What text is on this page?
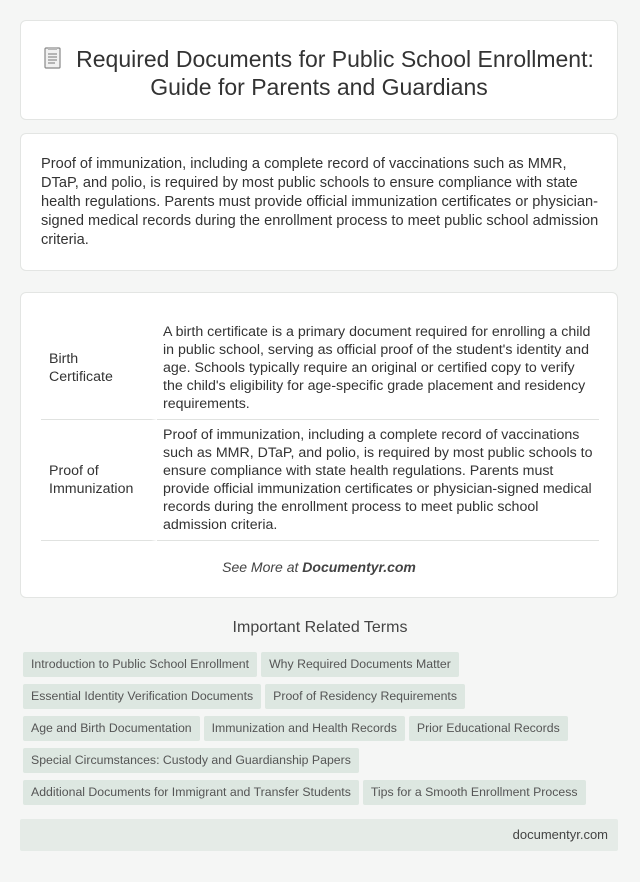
Required Documents for Public School Enrollment: Guide for Parents and Guardians

Proof of immunization, including a complete record of vaccinations such as MMR, DTaP, and polio, is required by most public schools to ensure compliance with state health regulations. Parents must provide official immunization certificates or physician-signed medical records during the enrollment process to meet public school admission criteria.

Birth Certificate	A birth certificate is a primary document required for enrolling a child in public school, serving as official proof of the student's identity and age. Schools typically require an original or certified copy to verify the child's eligibility for age-specific grade placement and residency requirements.
Proof of Immunization	Proof of immunization, including a complete record of vaccinations such as MMR, DTaP, and polio, is required by most public schools to ensure compliance with state health regulations. Parents must provide official immunization certificates or physician-signed medical records during the enrollment process to meet public school admission criteria.
See More at Documentyr.com
Important Related Terms
Introduction to Public School Enrollment Why Required Documents Matter
Essential Identity Verification Documents Proof of Residency Requirements
Age and Birth Documentation Immunization and Health Records Prior Educational Records
Special Circumstances: Custody and Guardianship Papers
Additional Documents for Immigrant and Transfer Students Tips for a Smooth Enrollment Process
documentyr.com
